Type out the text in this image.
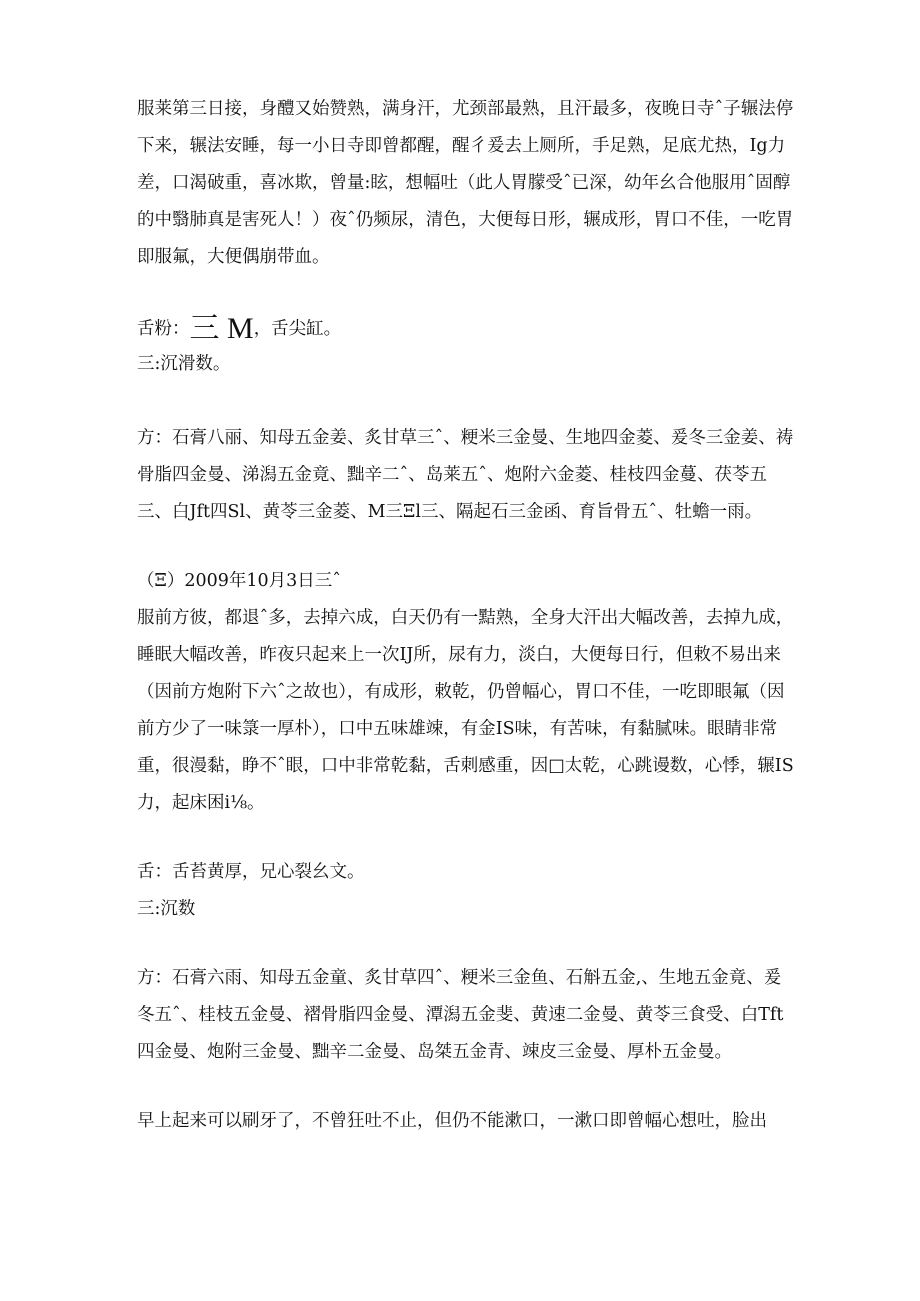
服莱第三日接，身醴又始赞熟，满身汗，尤颈部最熟，且汗最多，夜晚日寺ˆ子辗法停
下来，辗法安睡，每一小日寺即曾都醒，醒彳爰去上厕所，手足熟，足底尤热，Ig力
差，口渴破重，喜冰欺，曾量:眩，想幅吐（此人胃朦受ˆ已深，幼年幺合他服用ˆ固醇
的中翳肺真是害死人！）夜ˆ仍频尿，清色，大便每日形，辗成形，胃口不佳，一吃胃
即服氟，大便偶崩带血。
舌粉：三 M，舌尖缸。
三:沉滑数。
方：石膏八丽、知母五金姜、炙甘草三ˆ、粳米三金曼、生地四金菱、爰冬三金姜、祷
骨脂四金曼、涕潟五金竟、黜辛二ˆ、岛莱五ˆ、炮附六金菱、桂枝四金蔓、茯苓五
三、白Jft四Sl、黄苓三金菱、M三Ξl三、隔起石三金函、育旨骨五ˆ、牡蟾一雨。
（Ξ）2009年10月3日三ˆ
服前方彼，都退ˆ多，去掉六成，白天仍有一黠熟，全身大汗出大幅改善，去掉九成，
睡眠大幅改善，昨夜只起来上一次IJ所，尿有力，淡白，大便每日行，但敕不易出来
（因前方炮附下六ˆ之故也），有成形，敕乾，仍曾幅心，胃口不佳，一吃即眼氟（因
前方少了一味箓一厚朴），口中五味雄竦，有金IS味，有苦味，有黏腻味。眼睛非常
重，很漫黏，睁不ˆ眼，口中非常乾黏，舌刺感重，因□太乾，心跳谩数，心悸，辗IS
力，起床困i⅛。
舌：舌苔黄厚，兄心裂幺文。
三:沉数
方：石膏六雨、知母五金童、炙甘草四ˆ、粳米三金鱼、石斛五金,、生地五金竟、爰
冬五ˆ、桂枝五金曼、褶骨脂四金曼、潭潟五金斐、黄速二金曼、黄苓三食受、白Tft
四金曼、炮附三金曼、黜辛二金曼、岛桀五金青、竦皮三金曼、厚朴五金曼。
早上起来可以刷牙了，不曾狂吐不止，但仍不能漱口，一漱口即曾幅心想吐，脸出
